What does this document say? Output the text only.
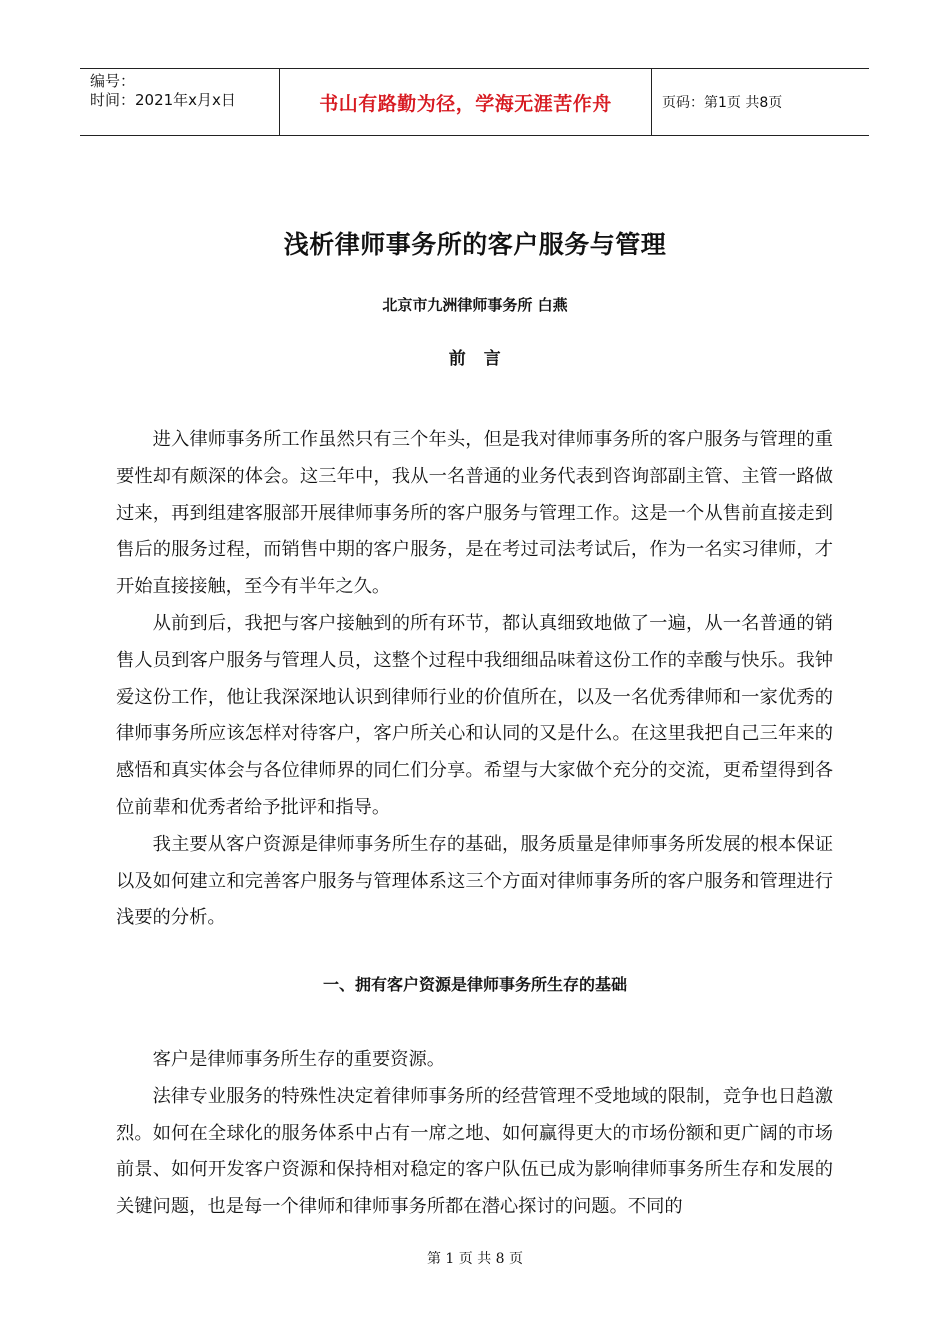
编号：
时间：2021年x月x日	书山有路勤为径，学海无涯苦作舟	页码：第1页 共8页
浅析律师事务所的客户服务与管理
北京市九洲律师事务所 白燕
前　言

进入律师事务所工作虽然只有三个年头，但是我对律师事务所的客户服务与管理的重要性却有颇深的体会。这三年中，我从一名普通的业务代表到咨询部副主管、主管一路做过来，再到组建客服部开展律师事务所的客户服务与管理工作。这是一个从售前直接走到售后的服务过程，而销售中期的客户服务，是在考过司法考试后，作为一名实习律师，才开始直接接触，至今有半年之久。

从前到后，我把与客户接触到的所有环节，都认真细致地做了一遍，从一名普通的销售人员到客户服务与管理人员，这整个过程中我细细品味着这份工作的幸酸与快乐。我钟爱这份工作，他让我深深地认识到律师行业的价值所在，以及一名优秀律师和一家优秀的律师事务所应该怎样对待客户，客户所关心和认同的又是什么。在这里我把自己三年来的感悟和真实体会与各位律师界的同仁们分享。希望与大家做个充分的交流，更希望得到各位前辈和优秀者给予批评和指导。

我主要从客户资源是律师事务所生存的基础，服务质量是律师事务所发展的根本保证以及如何建立和完善客户服务与管理体系这三个方面对律师事务所的客户服务和管理进行浅要的分析。

一、拥有客户资源是律师事务所生存的基础

客户是律师事务所生存的重要资源。

法律专业服务的特殊性决定着律师事务所的经营管理不受地域的限制，竞争也日趋激烈。如何在全球化的服务体系中占有一席之地、如何赢得更大的市场份额和更广阔的市场前景、如何开发客户资源和保持相对稳定的客户队伍已成为影响律师事务所生存和发展的关键问题，也是每一个律师和律师事务所都在潜心探讨的问题。不同的

第 1 页 共 8 页
